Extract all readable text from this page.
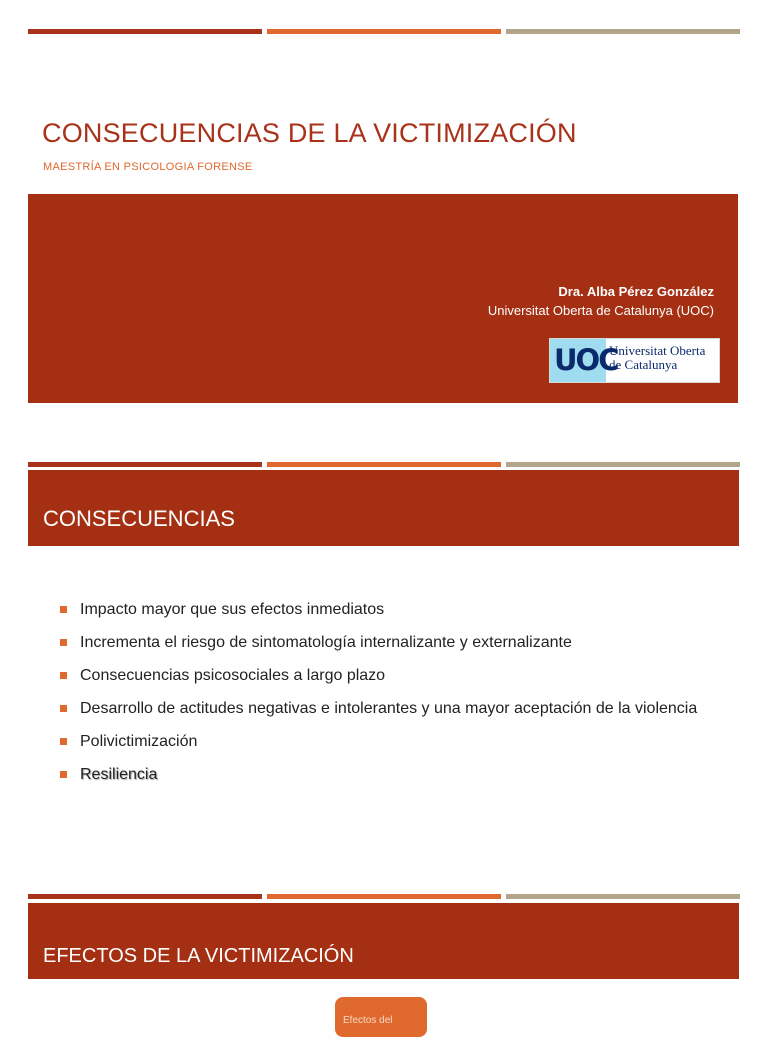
CONSECUENCIAS DE LA VICTIMIZACIÓN
MAESTRÍA EN PSICOLOGIA FORENSE
Dra. Alba Pérez González
Universitat Oberta de Catalunya (UOC)
UOC
Universitat Oberta
de Catalunya
CONSECUENCIAS
Impacto mayor que sus efectos inmediatos
Incrementa el riesgo de sintomatología internalizante y externalizante
Consecuencias psicosociales a largo plazo
Desarrollo de actitudes negativas e intolerantes y una mayor aceptación de la violencia
Polivictimización
Resiliencia
EFECTOS DE LA VICTIMIZACIÓN
Efectos del
